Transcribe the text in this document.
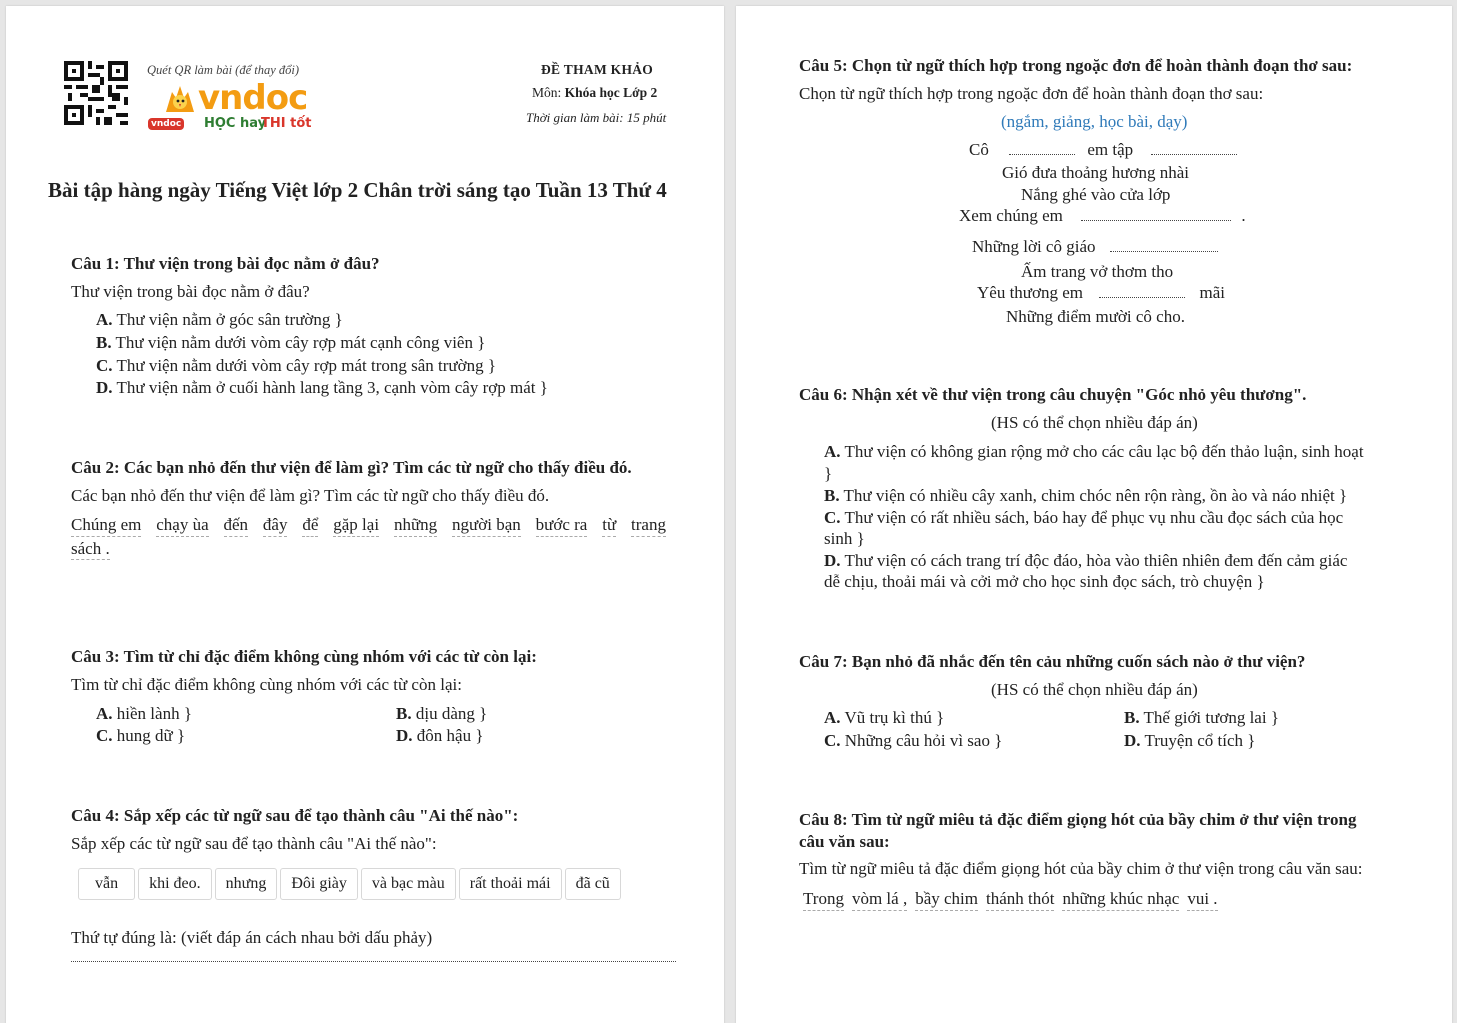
Quét QR làm bài (để thay đổi)
vndoc
vndoc HỌC hay
THI tốt
ĐỀ THAM KHẢO
Môn: Khóa học Lớp 2
Thời gian làm bài: 15 phút
Bài tập hàng ngày Tiếng Việt lớp 2 Chân trời sáng tạo Tuần 13 Thứ 4
Câu 1: Thư viện trong bài đọc nằm ở đâu?
Thư viện trong bài đọc nằm ở đâu?
A. Thư viện nằm ở góc sân trường }
B. Thư viện nằm dưới vòm cây rợp mát cạnh công viên }
C. Thư viện nằm dưới vòm cây rợp mát trong sân trường }
D. Thư viện nằm ở cuối hành lang tầng 3, cạnh vòm cây rợp mát }
Câu 2: Các bạn nhỏ đến thư viện để làm gì? Tìm các từ ngữ cho thấy điều đó.
Các bạn nhỏ đến thư viện để làm gì? Tìm các từ ngữ cho thấy điều đó.
Chúng em chạy ùa đến đây để gặp lại những người bạn bước ra từ trang
sách .
Câu 3: Tìm từ chỉ đặc điểm không cùng nhóm với các từ còn lại:
Tìm từ chỉ đặc điểm không cùng nhóm với các từ còn lại:
A. hiền lành }	B. dịu dàng }
C. hung dữ }	D. đôn hậu }
Câu 4: Sắp xếp các từ ngữ sau để tạo thành câu "Ai thế nào":
Sắp xếp các từ ngữ sau để tạo thành câu "Ai thế nào":
vẫn	khi đeo.	nhưng	Đôi giày	và bạc màu	rất thoải mái	đã cũ
Thứ tự đúng là: (viết đáp án cách nhau bởi dấu phảy)
Câu 5: Chọn từ ngữ thích hợp trong ngoặc đơn để hoàn thành đoạn thơ sau:
Chọn từ ngữ thích hợp trong ngoặc đơn để hoàn thành đoạn thơ sau:
(ngắm, giảng, học bài, dạy)
Cô	em tập
Gió đưa thoảng hương nhài
Nắng ghé vào cửa lớp
Xem chúng em	.
Những lời cô giáo
Ấm trang vở thơm tho
Yêu thương em	mãi
Những điểm mười cô cho.
Câu 6: Nhận xét về thư viện trong câu chuyện "Góc nhỏ yêu thương".
(HS có thể chọn nhiều đáp án)
A. Thư viện có không gian rộng mở cho các câu lạc bộ đến thảo luận, sinh hoạt
}
B. Thư viện có nhiều cây xanh, chim chóc nên rộn ràng, ồn ào và náo nhiệt }
C. Thư viện có rất nhiều sách, báo hay để phục vụ nhu cầu đọc sách của học
sinh }
D. Thư viện có cách trang trí độc đáo, hòa vào thiên nhiên đem đến cảm giác
dễ chịu, thoải mái và cởi mở cho học sinh đọc sách, trò chuyện }
Câu 7: Bạn nhỏ đã nhắc đến tên cảu những cuốn sách nào ở thư viện?
(HS có thể chọn nhiều đáp án)
A. Vũ trụ kì thú }	B. Thế giới tương lai }
C. Những câu hỏi vì sao }	D. Truyện cổ tích }
Câu 8: Tìm từ ngữ miêu tả đặc điểm giọng hót của bầy chim ở thư viện trong
câu văn sau:
Tìm từ ngữ miêu tả đặc điểm giọng hót của bầy chim ở thư viện trong câu văn sau:
Trong vòm lá , bầy chim thánh thót những khúc nhạc vui .
